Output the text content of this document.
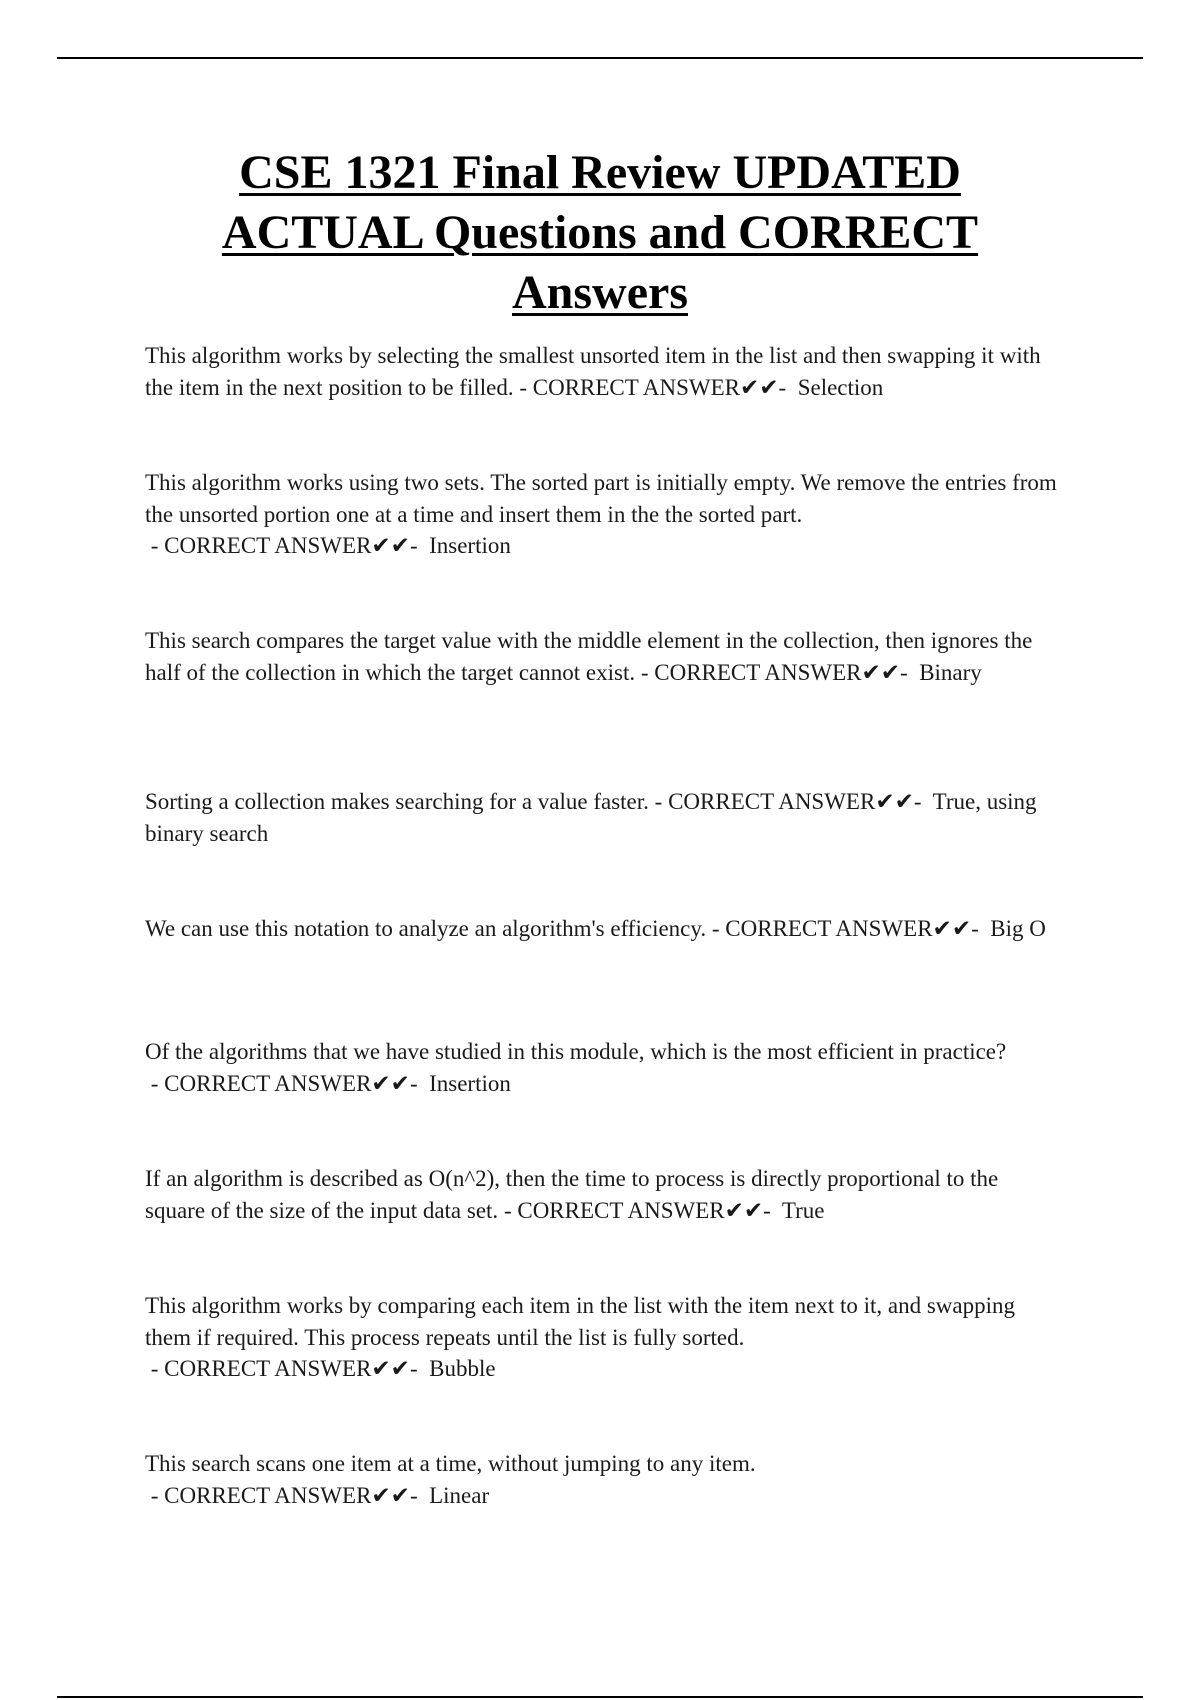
CSE 1321 Final Review UPDATED
ACTUAL Questions and CORRECT
Answers

This algorithm works by selecting the smallest unsorted item in the list and then swapping it with the item in the next position to be filled. - CORRECT ANSWER✔✔-  Selection

This algorithm works using two sets. The sorted part is initially empty. We remove the entries from the unsorted portion one at a time and insert them in the the sorted part. - CORRECT ANSWER✔✔-  Insertion

This search compares the target value with the middle element in the collection, then ignores the half of the collection in which the target cannot exist. - CORRECT ANSWER✔✔-  Binary

Sorting a collection makes searching for a value faster. - CORRECT ANSWER✔✔-  True, using binary search

We can use this notation to analyze an algorithm's efficiency. - CORRECT ANSWER✔✔-  Big O

Of the algorithms that we have studied in this module, which is the most efficient in practice? - CORRECT ANSWER✔✔-  Insertion

If an algorithm is described as O(n^2), then the time to process is directly proportional to the square of the size of the input data set. - CORRECT ANSWER✔✔-  True

This algorithm works by comparing each item in the list with the item next to it, and swapping them if required. This process repeats until the list is fully sorted. - CORRECT ANSWER✔✔-  Bubble

This search scans one item at a time, without jumping to any item. - CORRECT ANSWER✔✔-  Linear
